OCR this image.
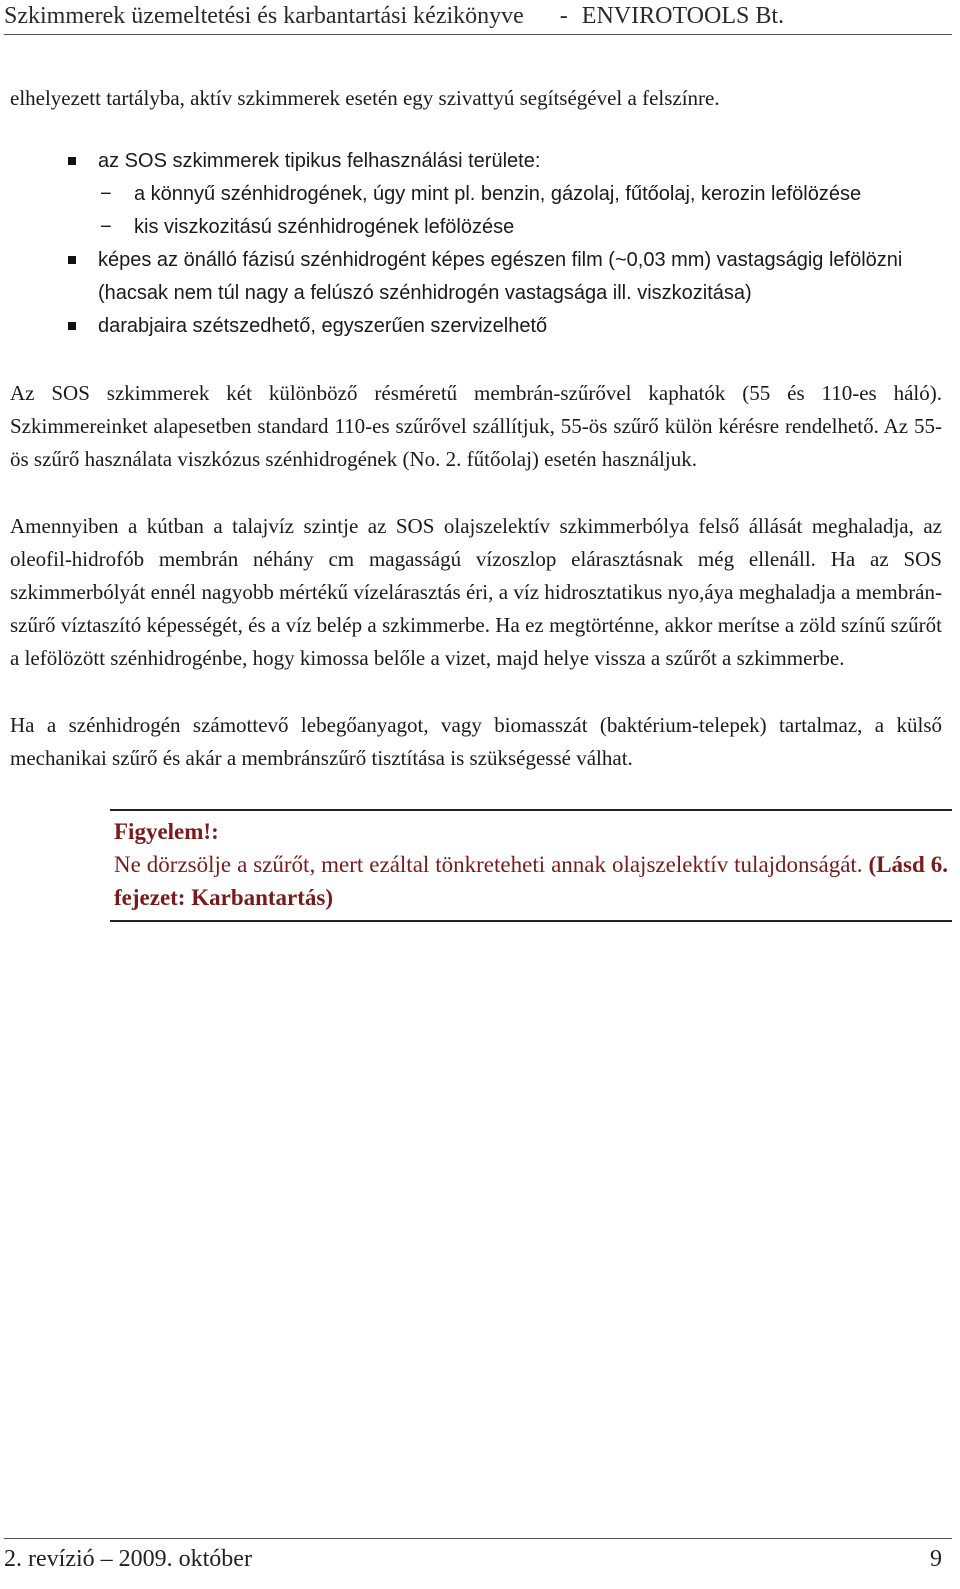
Szkimmerek üzemeltetési és karbantartási kézikönyve - ENVIROTOOLS Bt.

elhelyezett tartályba, aktív szkimmerek esetén egy szivattyú segítségével a felszínre.

az SOS szkimmerek tipikus felhasználási területe:
− a könnyű szénhidrogének, úgy mint pl. benzin, gázolaj, fűtőolaj, kerozin lefölözése
− kis viszkozitású szénhidrogének lefölözése
képes az önálló fázisú szénhidrogént képes egészen film (~0,03 mm) vastagságig lefölözni (hacsak nem túl nagy a felúszó szénhidrogén vastagsága ill. viszkozitása)
darabjaira szétszedhető, egyszerűen szervizelhető

Az SOS szkimmerek két különböző résméretű membrán-szűrővel kaphatók (55 és 110-es háló). Szkimmereinket alapesetben standard 110-es szűrővel szállítjuk, 55-ös szűrő külön kérésre rendelhető. Az 55-ös szűrő használata viszkózus szénhidrogének (No. 2. fűtőolaj) esetén használjuk.

Amennyiben a kútban a talajvíz szintje az SOS olajszelektív szkimmerbólya felső állását meghaladja, az oleofil-hidrofób membrán néhány cm magasságú vízoszlop elárasztásnak még ellenáll. Ha az SOS szkimmerbólyát ennél nagyobb mértékű vízelárasztás éri, a víz hidrosztatikus nyo,áya meghaladja a membrán-szűrő víztaszító képességét, és a víz belép a szkimmerbe. Ha ez megtörténne, akkor merítse a zöld színű szűrőt a lefölözött szénhidrogénbe, hogy kimossa belőle a vizet, majd helye vissza a szűrőt a szkimmerbe.

Ha a szénhidrogén számottevő lebegőanyagot, vagy biomasszát (baktérium-telepek) tartalmaz, a külső mechanikai szűrő és akár a membránszűrő tisztítása is szükségessé válhat.

Figyelem!:

Ne dörzsölje a szűrőt, mert ezáltal tönkreteheti annak olajszelektív tulajdonságát. (Lásd 6. fejezet: Karbantartás)

2. revízió – 2009. október	9
